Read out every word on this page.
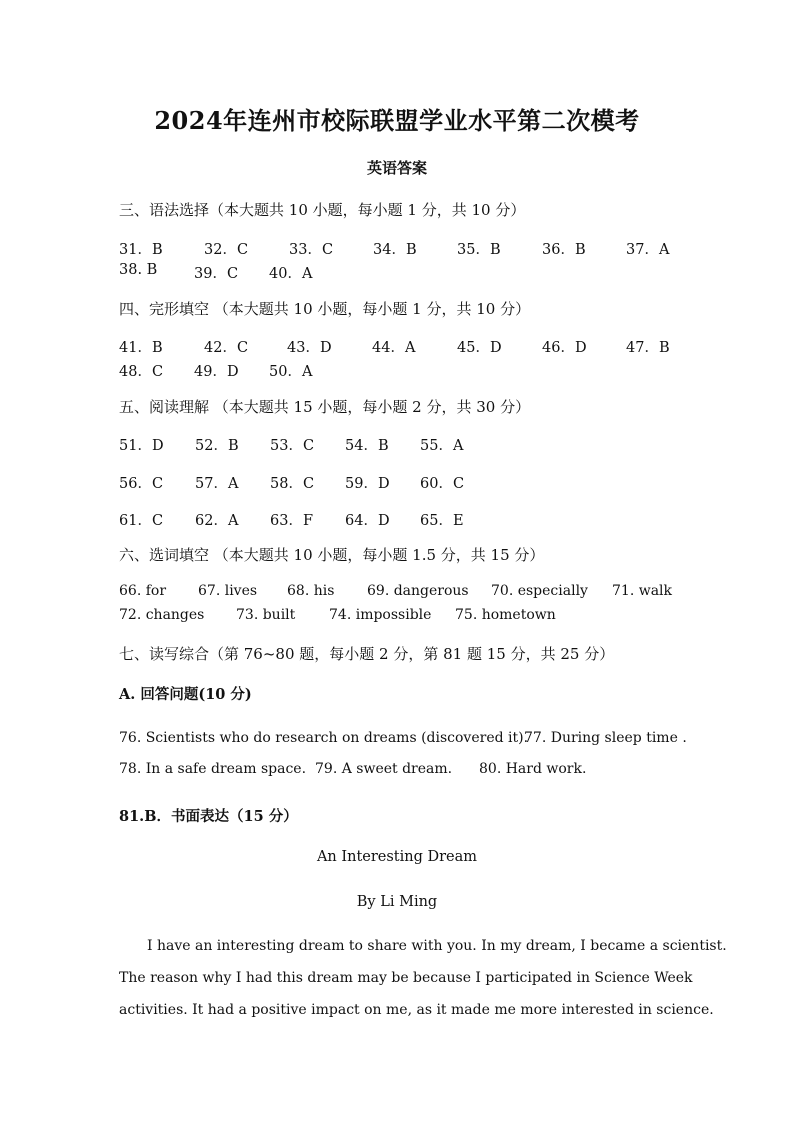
2024年连州市校际联盟学业水平第二次模考
英语答案
三、语法选择（本大题共 10 小题，每小题 1 分，共 10 分）
31．B	32．C	33．C	34．B	35．B	36．B	37．A
38. B	39．C 40．A
四、完形填空 （本大题共 10 小题，每小题 1 分，共 10 分）
41．B	42．C	43．D	44．A	45．D	46．D	47．B
48．C 49．D 50．A
五、阅读理解 （本大题共 15 小题，每小题 2 分，共 30 分）
51．D 52．B 53．C 54．B 55．A
56．C 57．A 58．C 59．D 60．C
61．C 62．A 63．F 64．D 65．E
六、选词填空 （本大题共 10 小题，每小题 1.5 分，共 15 分）
66. for 67. lives 68. his 69. dangerous 70. especially 71. walk
72. changes 73. built 74. impossible 75. hometown
七、读写综合（第 76~80 题，每小题 2 分，第 81 题 15 分，共 25 分）
A. 回答问题(10 分)
76. Scientists who do research on dreams (discovered it).
77. During sleep time .
78. In a safe dream space. 79. A sweet dream. 80. Hard work.
81.B．书面表达（15 分）
An Interesting Dream
By Li Ming
I have an interesting dream to share with you. In my dream, I became a scientist.
The reason why I had this dream may be because I participated in Science Week
activities. It had a positive impact on me, as it made me more interested in science.
